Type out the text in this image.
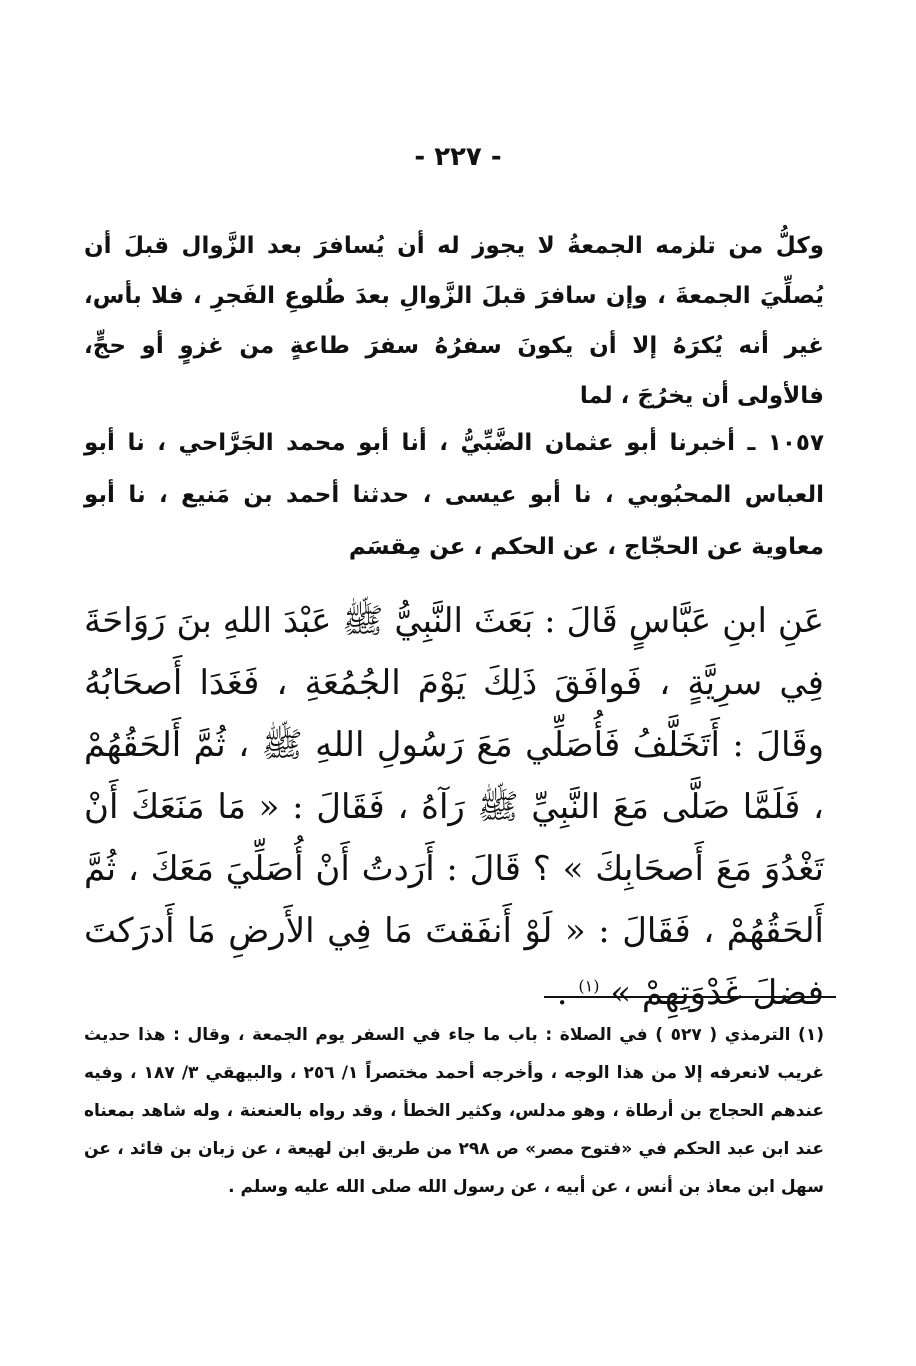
- ٢٢٧ -

وكلُّ من تلزمه الجمعةُ لا يجوز له أن يُسافرَ بعد الزَّوال قبلَ أن يُصلِّيَ الجمعةَ ، وإن سافرَ قبلَ الزَّوالِ بعدَ طُلوعِ الفَجرِ ، فلا بأس، غير أنه يُكرَهُ إلا أن يكونَ سفرُهُ سفرَ طاعةٍ من غزوٍ أو حجٍّ، فالأولى أن يخرُجَ ، لما

١٠٥٧ ـ أخبرنا أبو عثمان الضَّبِّيُّ ، أنا أبو محمد الجَرَّاحي ، نا أبو العباس المحبُوبي ، نا أبو عيسى ، حدثنا أحمد بن مَنيع ، نا أبو معاوية عن الحجّاج ، عن الحكم ، عن مِقسَم

عَنِ ابنِ عَبَّاسٍ قَالَ : بَعَثَ النَّبِيُّ ﷺ عَبْدَ اللهِ بنَ رَوَاحَةَ فِي سرِيَّةٍ ، فَوافَقَ ذَلِكَ يَوْمَ الجُمُعَةِ ، فَغَدَا أَصحَابُهُ وقَالَ : أَتَخَلَّفُ فَأُصَلِّي مَعَ رَسُولِ اللهِ ﷺ ، ثُمَّ أَلحَقُهُمْ ، فَلَمَّا صَلَّى مَعَ النَّبِيِّ ﷺ رَآهُ ، فَقَالَ : « مَا مَنَعَكَ أَنْ تَغْدُوَ مَعَ أَصحَابِكَ » ؟ قَالَ : أَرَدتُ أَنْ أُصَلِّيَ مَعَكَ ، ثُمَّ أَلحَقُهُمْ ، فَقَالَ : « لَوْ أَنفَقتَ مَا فِي الأَرضِ مَا أَدرَكتَ فضلَ غَدْوَتِهِمْ » $^{(١)}$ .

(١) الترمذي ( ٥٢٧ ) في الصلاة : باب ما جاء في السفر يوم الجمعة ، وقال : هذا حديث غريب لانعرفه إلا من هذا الوجه ، وأخرجه أحمد مختصراً ١/ ٢٥٦ ، والبيهقي ٣/ ١٨٧ ، وفيه عندهم الحجاج بن أرطاة ، وهو مدلس، وكثير الخطأ ، وقد رواه بالعنعنة ، وله شاهد بمعناه عند ابن عبد الحكم في «فتوح مصر» ص ٢٩٨ من طريق ابن لهيعة ، عن زبان بن فائد ، عن سهل ابن معاذ بن أنس ، عن أبيه ، عن رسول الله صلى الله عليه وسلم .
